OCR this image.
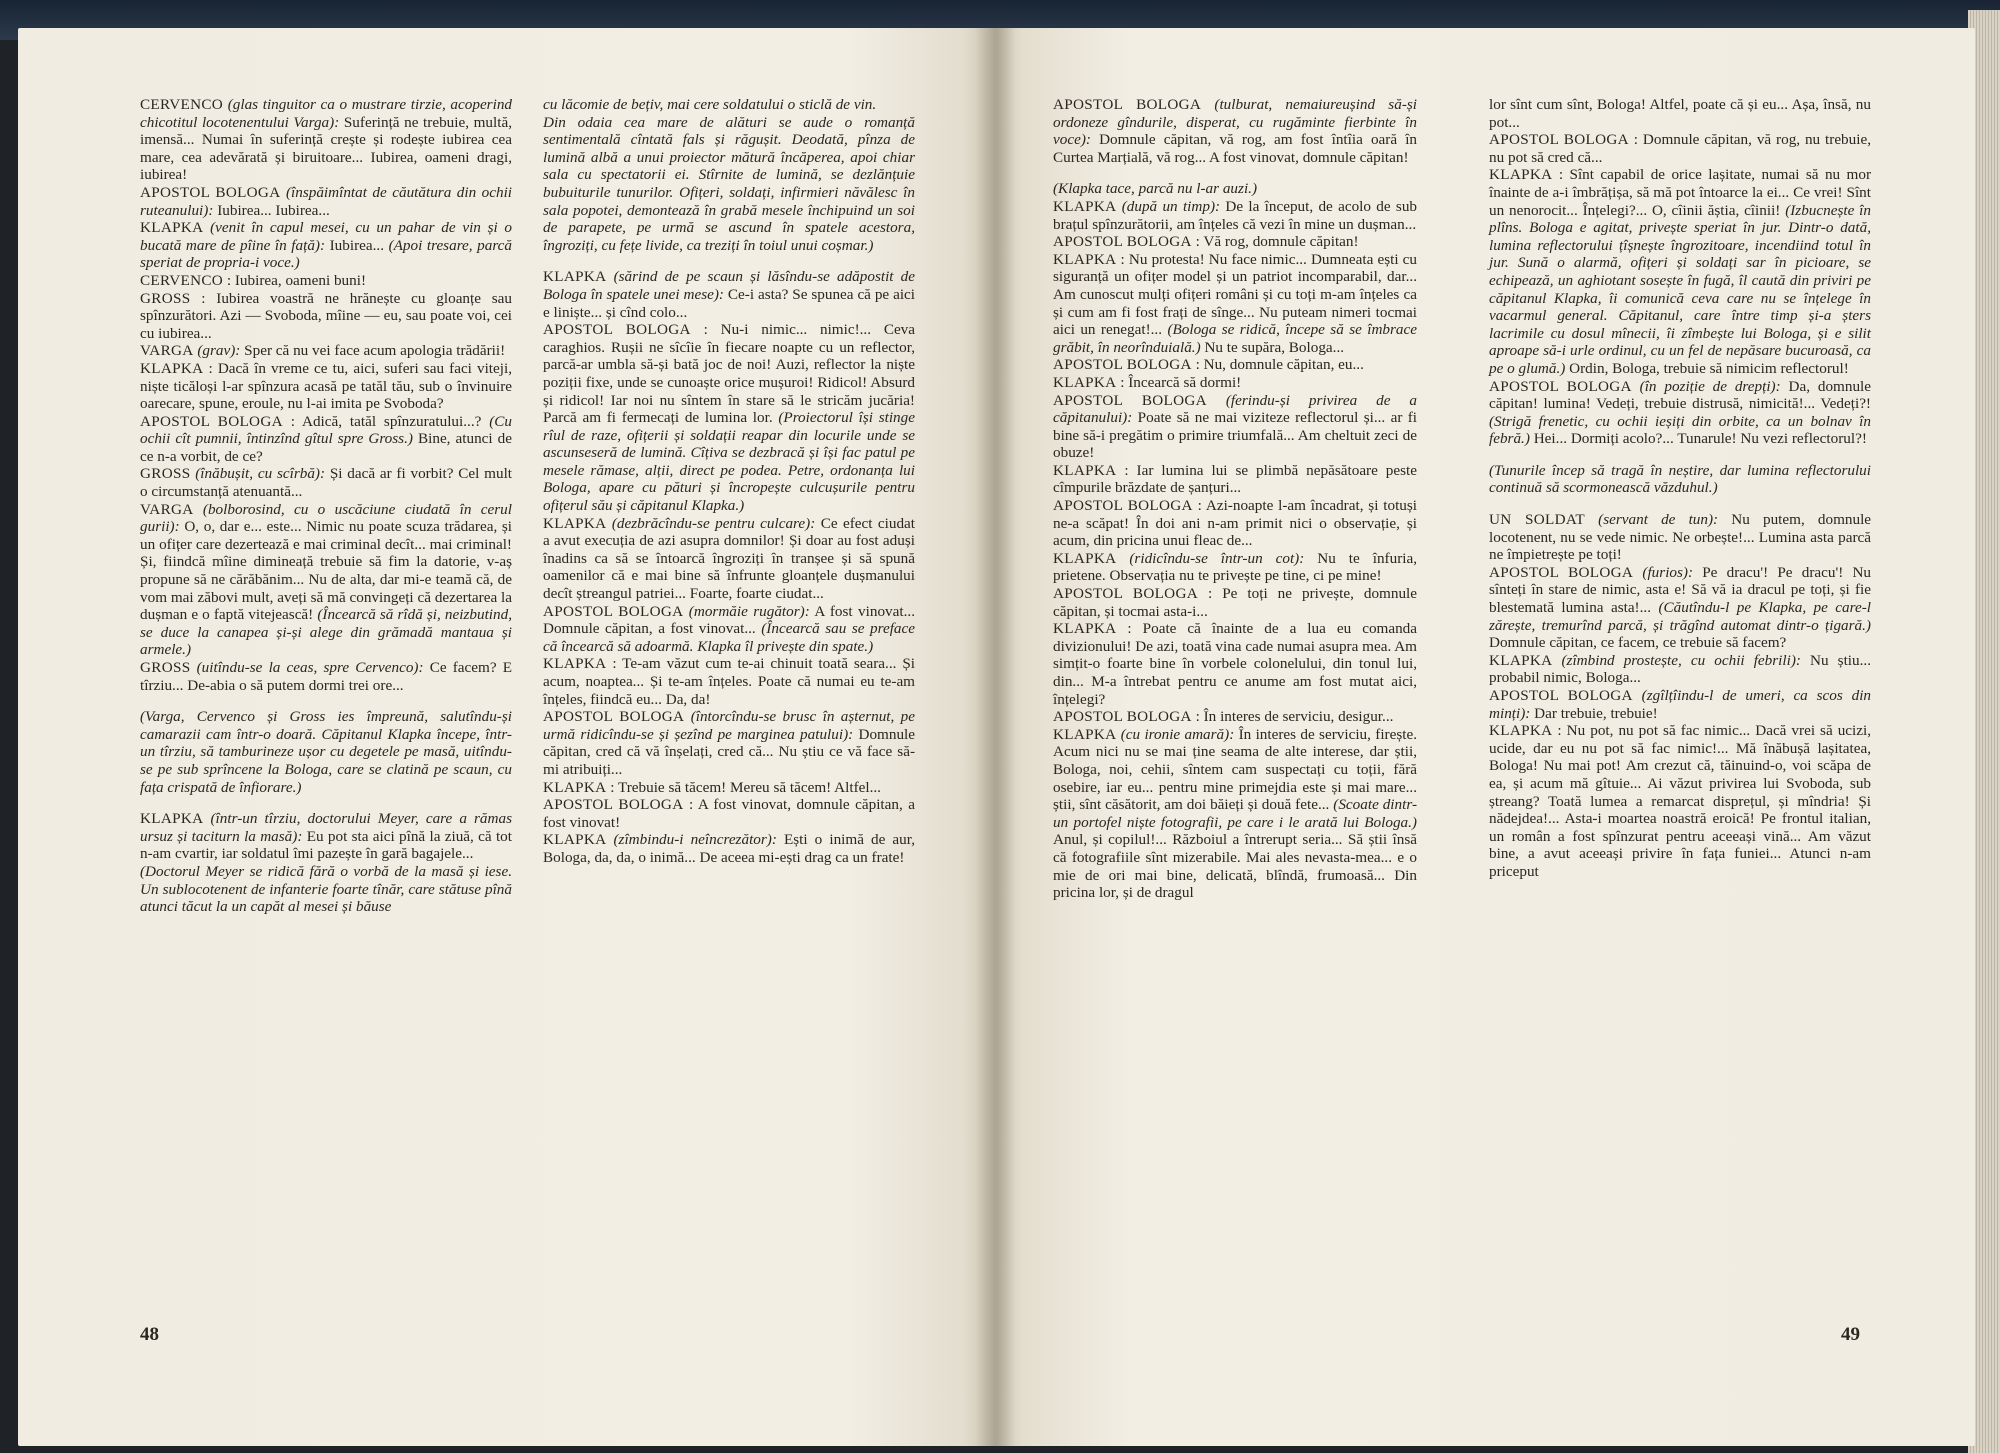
CERVENCO (glas tinguitor ca o mustrare tirzie, acoperind chicotitul locotenentului Varga): Suferință ne trebuie, multă, imensă... Numai în suferință crește și rodește iubirea cea mare, cea adevărată și biruitoare... Iubirea, oameni dragi, iubirea!

APOSTOL BOLOGA (înspăimîntat de căutătura din ochii ruteanului): Iubirea... Iubirea...

KLAPKA (venit în capul mesei, cu un pahar de vin și o bucată mare de pîine în față): Iubirea... (Apoi tresare, parcă speriat de propria-i voce.)

CERVENCO : Iubirea, oameni buni!

GROSS : Iubirea voastră ne hrănește cu gloanțe sau spînzurători. Azi — Svoboda, mîine — eu, sau poate voi, cei cu iubirea...

VARGA (grav): Sper că nu vei face acum apologia trădării!

KLAPKA : Dacă în vreme ce tu, aici, suferi sau faci viteji, niște ticăloși l-ar spînzura acasă pe tatăl tău, sub o învinuire oarecare, spune, eroule, nu l-ai imita pe Svoboda?

APOSTOL BOLOGA : Adică, tatăl spînzuratului...? (Cu ochii cît pumnii, întinzînd gîtul spre Gross.) Bine, atunci de ce n-a vorbit, de ce?

GROSS (înăbușit, cu scîrbă): Și dacă ar fi vorbit? Cel mult o circumstanță atenuantă...

VARGA (bolborosind, cu o uscăciune ciudată în cerul gurii): O, o, dar e... este... Nimic nu poate scuza trădarea, și un ofițer care dezertează e mai criminal decît... mai criminal! Și, fiindcă mîine dimineață trebuie să fim la datorie, v-aș propune să ne cărăbănim... Nu de alta, dar mi-e teamă că, de vom mai zăbovi mult, aveți să mă convingeți că dezertarea la dușman e o faptă vitejească! (Încearcă să rîdă și, neizbutind, se duce la canapea și-și alege din grămadă mantaua și armele.)

GROSS (uitîndu-se la ceas, spre Cervenco): Ce facem? E tîrziu... De-abia o să putem dormi trei ore...

(Varga, Cervenco și Gross ies împreună, salutîndu-și camarazii cam într-o doară. Căpitanul Klapka începe, într-un tîrziu, să tamburineze ușor cu degetele pe masă, uitîndu-se pe sub sprîncene la Bologa, care se clatină pe scaun, cu fața crispată de înfiorare.)

KLAPKA (într-un tîrziu, doctorului Meyer, care a rămas ursuz și taciturn la masă): Eu pot sta aici pînă la ziuă, că tot n-am cvartir, iar soldatul îmi pazește în gară bagajele...

(Doctorul Meyer se ridică fără o vorbă de la masă și iese. Un sublocotenent de infanterie foarte tînăr, care stătuse pînă atunci tăcut la un capăt al mesei și băuse

cu lăcomie de bețiv, mai cere soldatului o sticlă de vin.

Din odaia cea mare de alături se aude o romanță sentimentală cîntată fals și răgușit. Deodată, pînza de lumină albă a unui proiector mătură încăperea, apoi chiar sala cu spectatorii ei. Stîrnite de lumină, se dezlănțuie bubuiturile tunurilor. Ofițeri, soldați, infirmieri năvălesc în sala popotei, demontează în grabă mesele închipuind un soi de parapete, pe urmă se ascund în spatele acestora, îngroziți, cu fețe livide, ca treziți în toiul unui coșmar.)

KLAPKA (sărind de pe scaun și lăsîndu-se adăpostit de Bologa în spatele unei mese): Ce-i asta? Se spunea că pe aici e liniște... și cînd colo...

APOSTOL BOLOGA : Nu-i nimic... nimic!... Ceva caraghios. Rușii ne sîcîie în fiecare noapte cu un reflector, parcă-ar umbla să-și bată joc de noi! Auzi, reflector la niște poziții fixe, unde se cunoaște orice mușuroi! Ridicol! Absurd și ridicol! Iar noi nu sîntem în stare să le stricăm jucăria! Parcă am fi fermecați de lumina lor. (Proiectorul își stinge rîul de raze, ofițerii și soldații reapar din locurile unde se ascunseseră de lumină. Cîțiva se dezbracă și își fac patul pe mesele rămase, alții, direct pe podea. Petre, ordonanța lui Bologa, apare cu pături și încropește culcușurile pentru ofițerul său și căpitanul Klapka.)

KLAPKA (dezbrăcîndu-se pentru culcare): Ce efect ciudat a avut execuția de azi asupra domnilor! Și doar au fost aduși înadins ca să se întoarcă îngroziți în tranșee și să spună oamenilor că e mai bine să înfrunte gloanțele dușmanului decît ștreangul patriei... Foarte, foarte ciudat...

APOSTOL BOLOGA (mormăie rugător): A fost vinovat... Domnule căpitan, a fost vinovat... (Încearcă sau se preface că încearcă să adoarmă. Klapka îl privește din spate.)

KLAPKA : Te-am văzut cum te-ai chinuit toată seara... Și acum, noaptea... Și te-am înțeles. Poate că numai eu te-am înțeles, fiindcă eu... Da, da!

APOSTOL BOLOGA (întorcîndu-se brusc în așternut, pe urmă ridicîndu-se și șezînd pe marginea patului): Domnule căpitan, cred că vă înșelați, cred că... Nu știu ce vă face să-mi atribuiți...

KLAPKA : Trebuie să tăcem! Mereu să tăcem! Altfel...

APOSTOL BOLOGA : A fost vinovat, domnule căpitan, a fost vinovat!

KLAPKA (zîmbindu-i neîncrezător): Ești o inimă de aur, Bologa, da, da, o inimă... De aceea mi-ești drag ca un frate!

48

APOSTOL BOLOGA (tulburat, nemaiureușind să-și ordoneze gîndurile, disperat, cu rugăminte fierbinte în voce): Domnule căpitan, vă rog, am fost întîia oară în Curtea Marțială, vă rog... A fost vinovat, domnule căpitan!

(Klapka tace, parcă nu l-ar auzi.)

KLAPKA (după un timp): De la început, de acolo de sub brațul spînzurătorii, am înțeles că vezi în mine un dușman...

APOSTOL BOLOGA : Vă rog, domnule căpitan!

KLAPKA : Nu protesta! Nu face nimic... Dumneata ești cu siguranță un ofițer model și un patriot incomparabil, dar... Am cunoscut mulți ofițeri români și cu toți m-am înțeles ca și cum am fi fost frați de sînge... Nu puteam nimeri tocmai aici un renegat!... (Bologa se ridică, începe să se îmbrace grăbit, în neorînduială.) Nu te supăra, Bologa...

APOSTOL BOLOGA : Nu, domnule căpitan, eu...

KLAPKA : Încearcă să dormi!

APOSTOL BOLOGA (ferindu-și privirea de a căpitanului): Poate să ne mai viziteze reflectorul și... ar fi bine să-i pregătim o primire triumfală... Am cheltuit zeci de obuze!

KLAPKA : Iar lumina lui se plimbă nepăsătoare peste cîmpurile brăzdate de șanțuri...

APOSTOL BOLOGA : Azi-noapte l-am încadrat, și totuși ne-a scăpat! În doi ani n-am primit nici o observație, și acum, din pricina unui fleac de...

KLAPKA (ridicîndu-se într-un cot): Nu te înfuria, prietene. Observația nu te privește pe tine, ci pe mine!

APOSTOL BOLOGA : Pe toți ne privește, domnule căpitan, și tocmai asta-i...

KLAPKA : Poate că înainte de a lua eu comanda divizionului! De azi, toată vina cade numai asupra mea. Am simțit-o foarte bine în vorbele colonelului, din tonul lui, din... M-a întrebat pentru ce anume am fost mutat aici, înțelegi?

APOSTOL BOLOGA : În interes de serviciu, desigur...

KLAPKA (cu ironie amară): În interes de serviciu, firește. Acum nici nu se mai ține seama de alte interese, dar știi, Bologa, noi, cehii, sîntem cam suspectați cu toții, fără osebire, iar eu... pentru mine primejdia este și mai mare... știi, sînt căsătorit, am doi băieți și două fete... (Scoate dintr-un portofel niște fotografii, pe care i le arată lui Bologa.) Anul, și copilul!... Războiul a întrerupt seria... Să știi însă că fotografiile sînt mizerabile. Mai ales nevasta-mea... e o mie de ori mai bine, delicată, blîndă, frumoasă... Din pricina lor, și de dragul

lor sînt cum sînt, Bologa! Altfel, poate că și eu... Așa, însă, nu pot...

APOSTOL BOLOGA : Domnule căpitan, vă rog, nu trebuie, nu pot să cred că...

KLAPKA : Sînt capabil de orice lașitate, numai să nu mor înainte de a-i îmbrățișa, să mă pot întoarce la ei... Ce vrei! Sînt un nenorocit... Înțelegi?... O, cîinii ăștia, cîinii! (Izbucnește în plîns. Bologa e agitat, privește speriat în jur. Dintr-o dată, lumina reflectorului țîșnește îngrozitoare, incendiind totul în jur. Sună o alarmă, ofițeri și soldați sar în picioare, se echipează, un aghiotant sosește în fugă, îl caută din priviri pe căpitanul Klapka, îi comunică ceva care nu se înțelege în vacarmul general. Căpitanul, care între timp și-a șters lacrimile cu dosul mînecii, îi zîmbește lui Bologa, și e silit aproape să-i urle ordinul, cu un fel de nepăsare bucuroasă, ca pe o glumă.) Ordin, Bologa, trebuie să nimicim reflectorul!

APOSTOL BOLOGA (în poziție de drepți): Da, domnule căpitan! lumina! Vedeți, trebuie distrusă, nimicită!... Vedeți?! (Strigă frenetic, cu ochii ieșiți din orbite, ca un bolnav în febră.) Hei... Dormiți acolo?... Tunarule! Nu vezi reflectorul?!

(Tunurile încep să tragă în neștire, dar lumina reflectorului continuă să scormonească văzduhul.)

UN SOLDAT (servant de tun): Nu putem, domnule locotenent, nu se vede nimic. Ne orbește!... Lumina asta parcă ne împietrește pe toți!

APOSTOL BOLOGA (furios): Pe dracu'! Pe dracu'! Nu sînteți în stare de nimic, asta e! Să vă ia dracul pe toți, și fie blestemată lumina asta!... (Căutîndu-l pe Klapka, pe care-l zărește, tremurînd parcă, și trăgînd automat dintr-o țigară.) Domnule căpitan, ce facem, ce trebuie să facem?

KLAPKA (zîmbind prostește, cu ochii febrili): Nu știu... probabil nimic, Bologa...

APOSTOL BOLOGA (zgîlțîindu-l de umeri, ca scos din minți): Dar trebuie, trebuie!

KLAPKA : Nu pot, nu pot să fac nimic... Dacă vrei să ucizi, ucide, dar eu nu pot să fac nimic!... Mă înăbușă lașitatea, Bologa! Nu mai pot! Am crezut că, tăinuind-o, voi scăpa de ea, și acum mă gîtuie... Ai văzut privirea lui Svoboda, sub ștreang? Toată lumea a remarcat disprețul, și mîndria! Și nădejdea!... Asta-i moartea noastră eroică! Pe frontul italian, un român a fost spînzurat pentru aceeași vină... Am văzut bine, a avut aceeași privire în fața funiei... Atunci n-am priceput

49
